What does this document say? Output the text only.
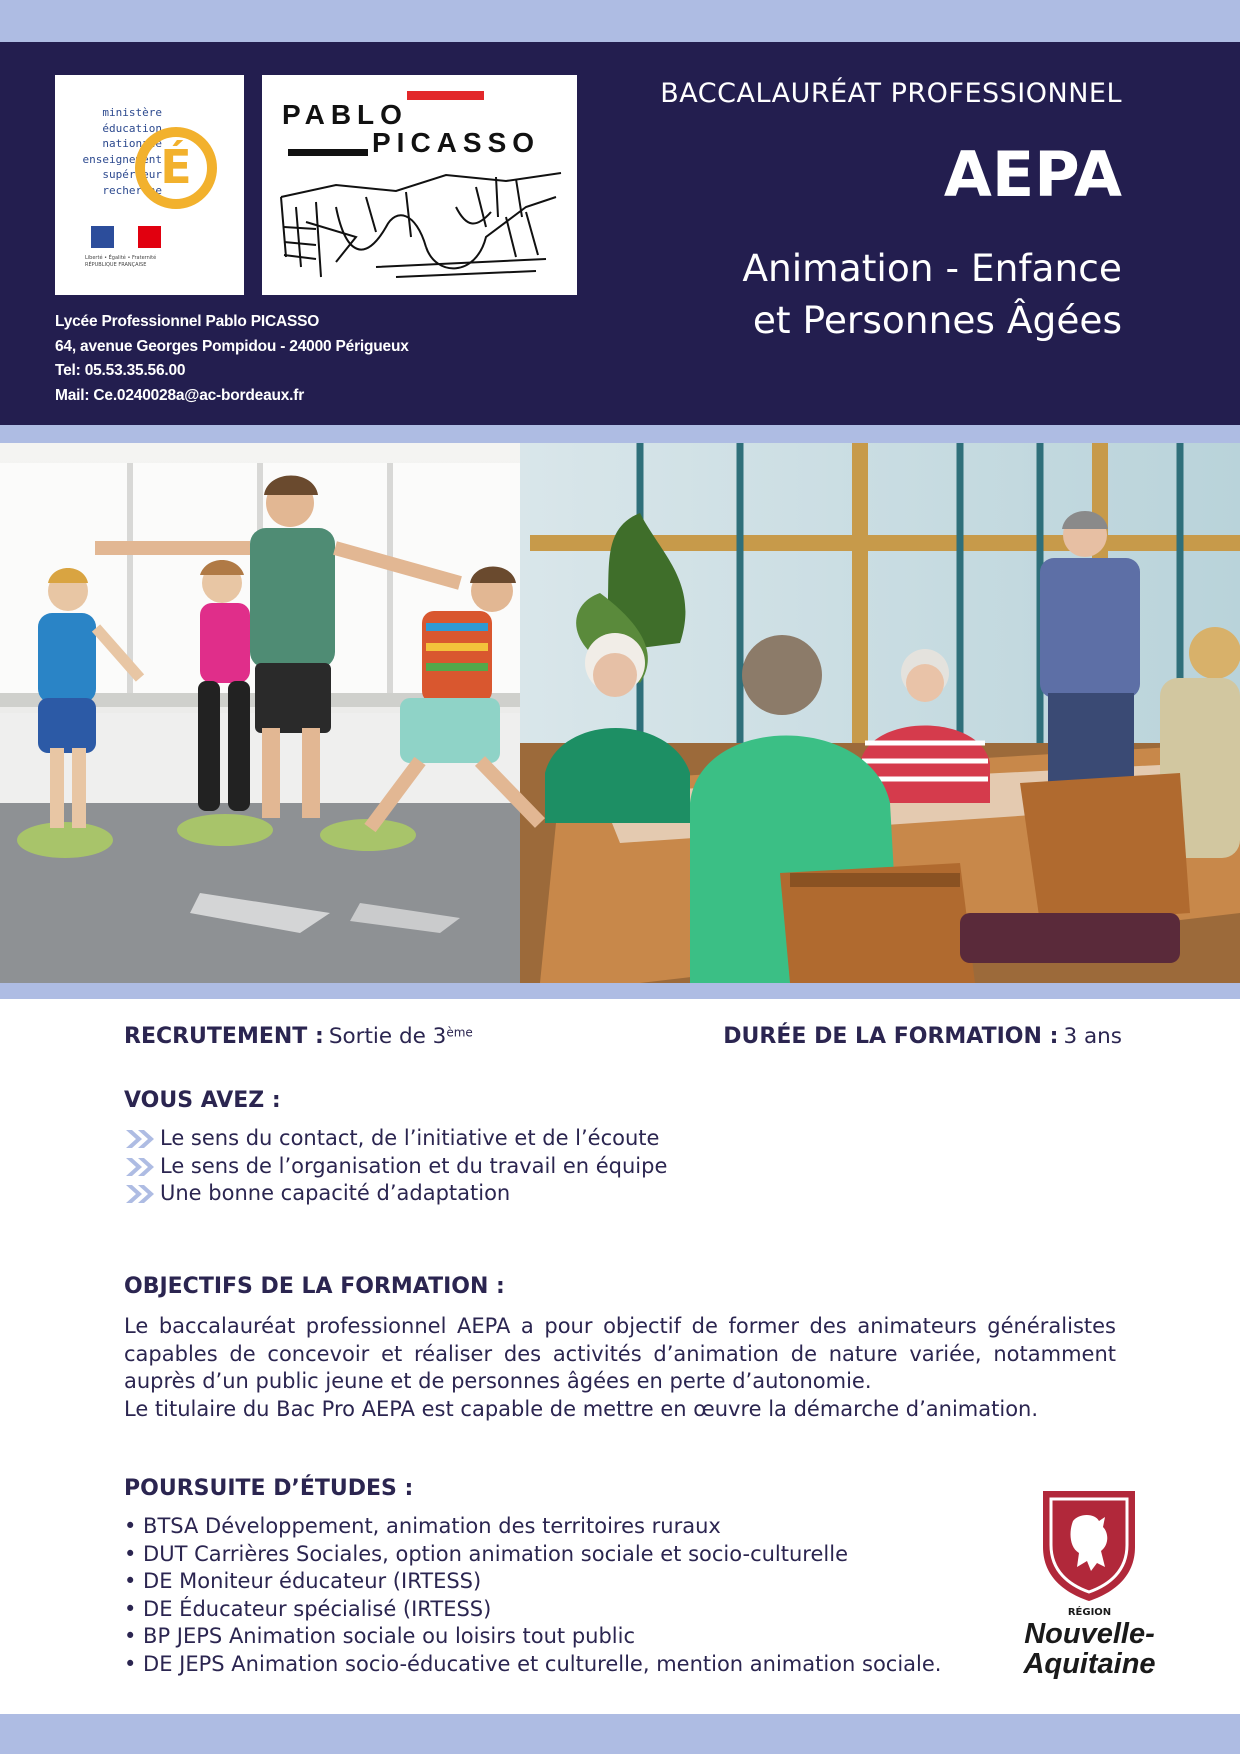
ministère
éducation
nationale
enseignement
supérieur
recherche
É
Liberté • Égalité • Fraternité RÉPUBLIQUE FRANÇAISE
PABLO
PICASSO
Lycée Professionnel Pablo PICASSO
64, avenue Georges Pompidou - 24000 Périgueux
Tel: 05.53.35.56.00
Mail: Ce.0240028a@ac-bordeaux.fr
BACCALAURÉAT PROFESSIONNEL
AEPA
Animation - Enfance
et Personnes Âgées
RECRUTEMENT : Sortie de 3ème	DURÉE DE LA FORMATION : 3 ans
VOUS AVEZ :
Le sens du contact, de l’initiative et de l’écoute
Le sens de l’organisation et du travail en équipe
Une bonne capacité d’adaptation
OBJECTIFS DE LA FORMATION :
Le baccalauréat professionnel AEPA a pour objectif de former des animateurs généralistes capables de concevoir et réaliser des activités d’animation de nature variée, notamment auprès d’un public jeune et de personnes âgées en perte d’autonomie.
Le titulaire du Bac Pro AEPA est capable de mettre en œuvre la démarche d’animation.
POURSUITE D’ÉTUDES :
• BTSA Développement, animation des territoires ruraux
• DUT Carrières Sociales, option animation sociale et socio-culturelle
• DE Moniteur éducateur (IRTESS)
• DE Éducateur spécialisé (IRTESS)
• BP JEPS Animation sociale ou loisirs tout public
• DE JEPS Animation socio-éducative et culturelle, mention animation sociale.
RÉGION
Nouvelle-
Aquitaine
